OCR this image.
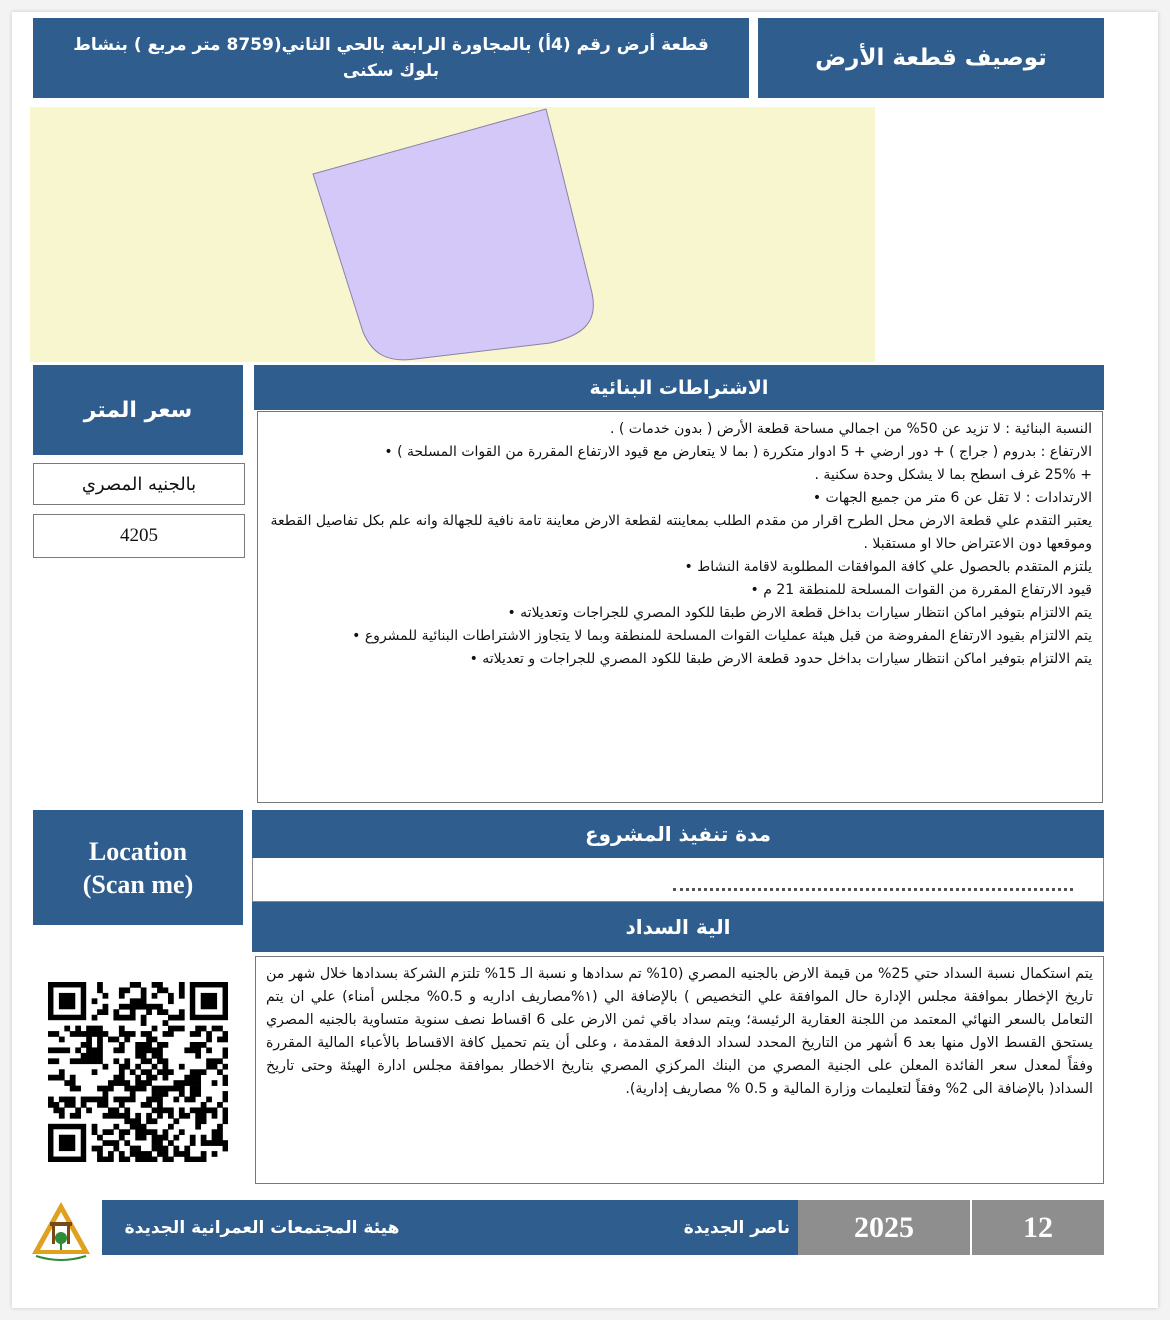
قطعة أرض رقم (4أ) بالمجاورة الرابعة بالحي الثاني(8759 متر مربع ) بنشاط بلوك سكنى	توصيف قطعة الأرض
سعر المتر
بالجنيه المصري
4205
الاشتراطات البنائية

النسبة البنائية : لا تزيد عن 50% من اجمالي مساحة قطعة الأرض ( بدون خدمات ) .

الارتفاع : بدروم ( جراج ) + دور ارضي + 5 ادوار متكررة ( بما لا يتعارض مع قيود الارتفاع المقررة من القوات المسلحة ) •

+ 25% غرف اسطح بما لا يشكل وحدة سكنية .

الارتدادات : لا تقل عن 6 متر من جميع الجهات •

يعتبر التقدم علي قطعة الارض محل الطرح اقرار من مقدم الطلب بمعاينته لقطعة الارض معاينة تامة نافية للجهالة وانه علم بكل تفاصيل القطعة وموقعها دون الاعتراض حالا او مستقبلا .

يلتزم المتقدم بالحصول علي كافة الموافقات المطلوبة لاقامة النشاط •

قيود الارتفاع المقررة من القوات المسلحة للمنطقة 21 م •

يتم الالتزام بتوفير اماكن انتظار سيارات بداخل قطعة الارض طبقا للكود المصري للجراجات وتعديلاته •

يتم الالتزام بقيود الارتفاع المفروضة من قبل هيئة عمليات القوات المسلحة للمنطقة وبما لا يتجاوز الاشتراطات البنائية للمشروع •

يتم الالتزام بتوفير اماكن انتظار سيارات بداخل حدود قطعة الارض طبقا للكود المصري للجراجات و تعديلاته •

Location
(Scan me)
مدة تنفيذ المشروع
الية السداد
يتم استكمال نسبة السداد حتي 25% من قيمة الارض بالجنيه المصري (10% تم سدادها و نسبة الـ 15% تلتزم الشركة بسدادها خلال شهر من تاريخ الإخطار بموافقة مجلس الإدارة حال الموافقة علي التخصيص ) بالإضافة الي (١%مصاريف اداريه و 0.5% مجلس أمناء) علي ان يتم التعامل بالسعر النهائي المعتمد من اللجنة العقارية الرئيسة؛ ويتم سداد باقي ثمن الارض على 6 اقساط نصف سنوية متساوية بالجنيه المصري يستحق القسط الاول منها بعد 6 أشهر من التاريخ المحدد لسداد الدفعة المقدمة ، وعلى أن يتم تحميل كافة الاقساط بالأعباء المالية المقررة وفقاً لمعدل سعر الفائدة المعلن على الجنية المصري من البنك المركزي المصري بتاريخ الاخطار بموافقة مجلس ادارة الهيئة وحتى تاريخ السداد( بالإضافة الى 2% وفقاً لتعليمات وزارة المالية و 0.5 % مصاريف إدارية).
هيئة المجتمعات العمرانية الجديدة	ناصر الجديدة	2025	12
